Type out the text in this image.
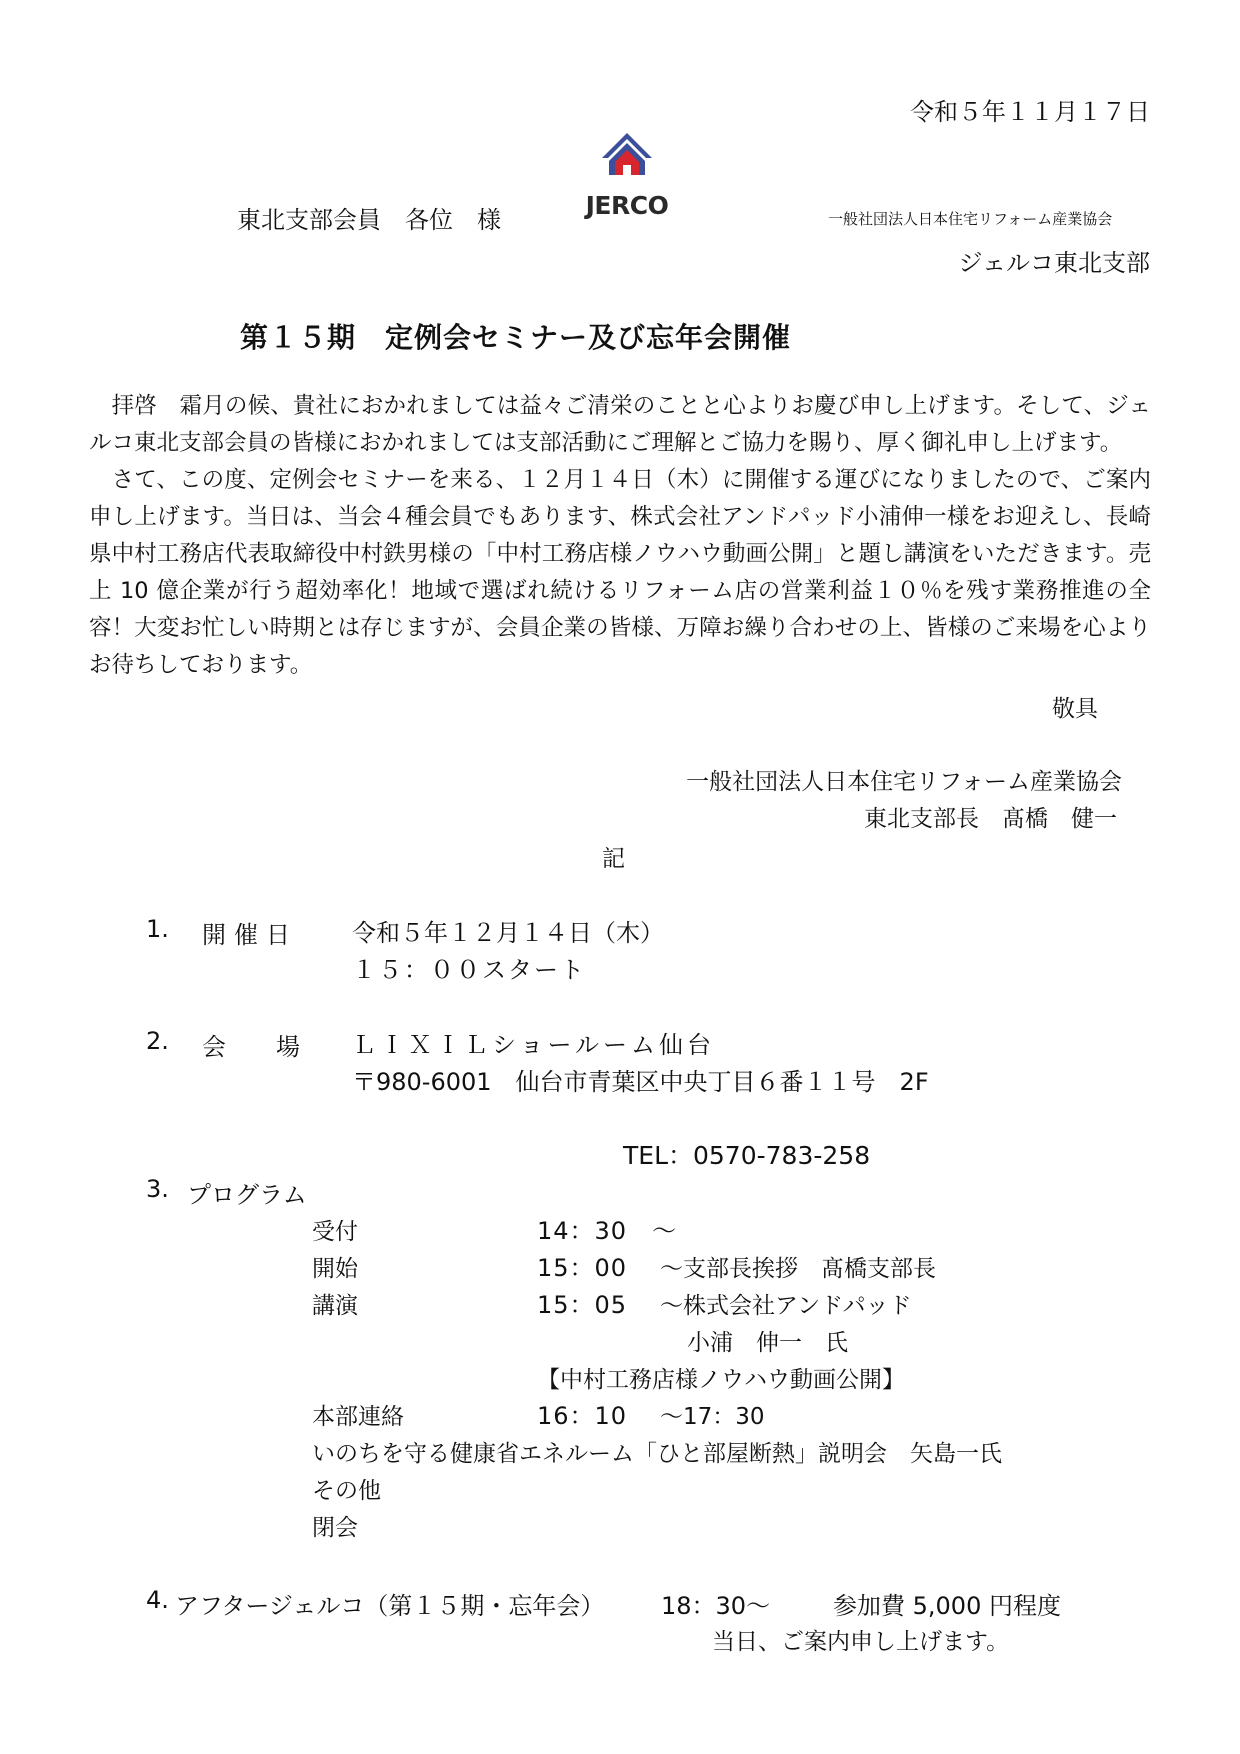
令和５年１１月１７日
東北支部会員　各位　様	JERCO	一般社団法人日本住宅リフォーム産業協会
ジェルコ東北支部
第１５期　定例会セミナー及び忘年会開催

　拝啓　霜月の候、貴社におかれましては益々ご清栄のことと心よりお慶び申し上げます。そして、ジェルコ東北支部会員の皆様におかれましては支部活動にご理解とご協力を賜り、厚く御礼申し上げます。

　さて、この度、定例会セミナーを来る、１２月１４日（木）に開催する運びになりましたので、ご案内申し上げます。当日は、当会４種会員でもあります、株式会社アンドパッド小浦伸一様をお迎えし、長崎県中村工務店代表取締役中村鉄男様の「中村工務店様ノウハウ動画公開」と題し講演をいただきます。売上 10 億企業が行う超効率化！地域で選ばれ続けるリフォーム店の営業利益１０％を残す業務推進の全容！大変お忙しい時期とは存じますが、会員企業の皆様、万障お繰り合わせの上、皆様のご来場を心よりお待ちしております。

敬具
一般社団法人日本住宅リフォーム産業協会
東北支部長　髙橋　健一
記
1. 開催日 令和５年１２月１４日（木）
１５：００スタート
2. 会 場 ＬＩＸＩＬショールーム仙台
〒980-6001　仙台市青葉区中央丁目６番１１号　2F
TEL：0570-783-258
3. プログラム
受付	14：30　～
開始	15：00 ～支部長挨拶　髙橋支部長
講演	15：05 ～株式会社アンドパッド
小浦　伸一　氏
【中村工務店様ノウハウ動画公開】
本部連絡	16：10 ～17：30
いのちを守る健康省エネルーム「ひと部屋断熱」説明会　矢島一氏
その他
閉会
4. アフタージェルコ（第１５期・忘年会） 18：30～	参加費 5,000 円程度
当日、ご案内申し上げます。
